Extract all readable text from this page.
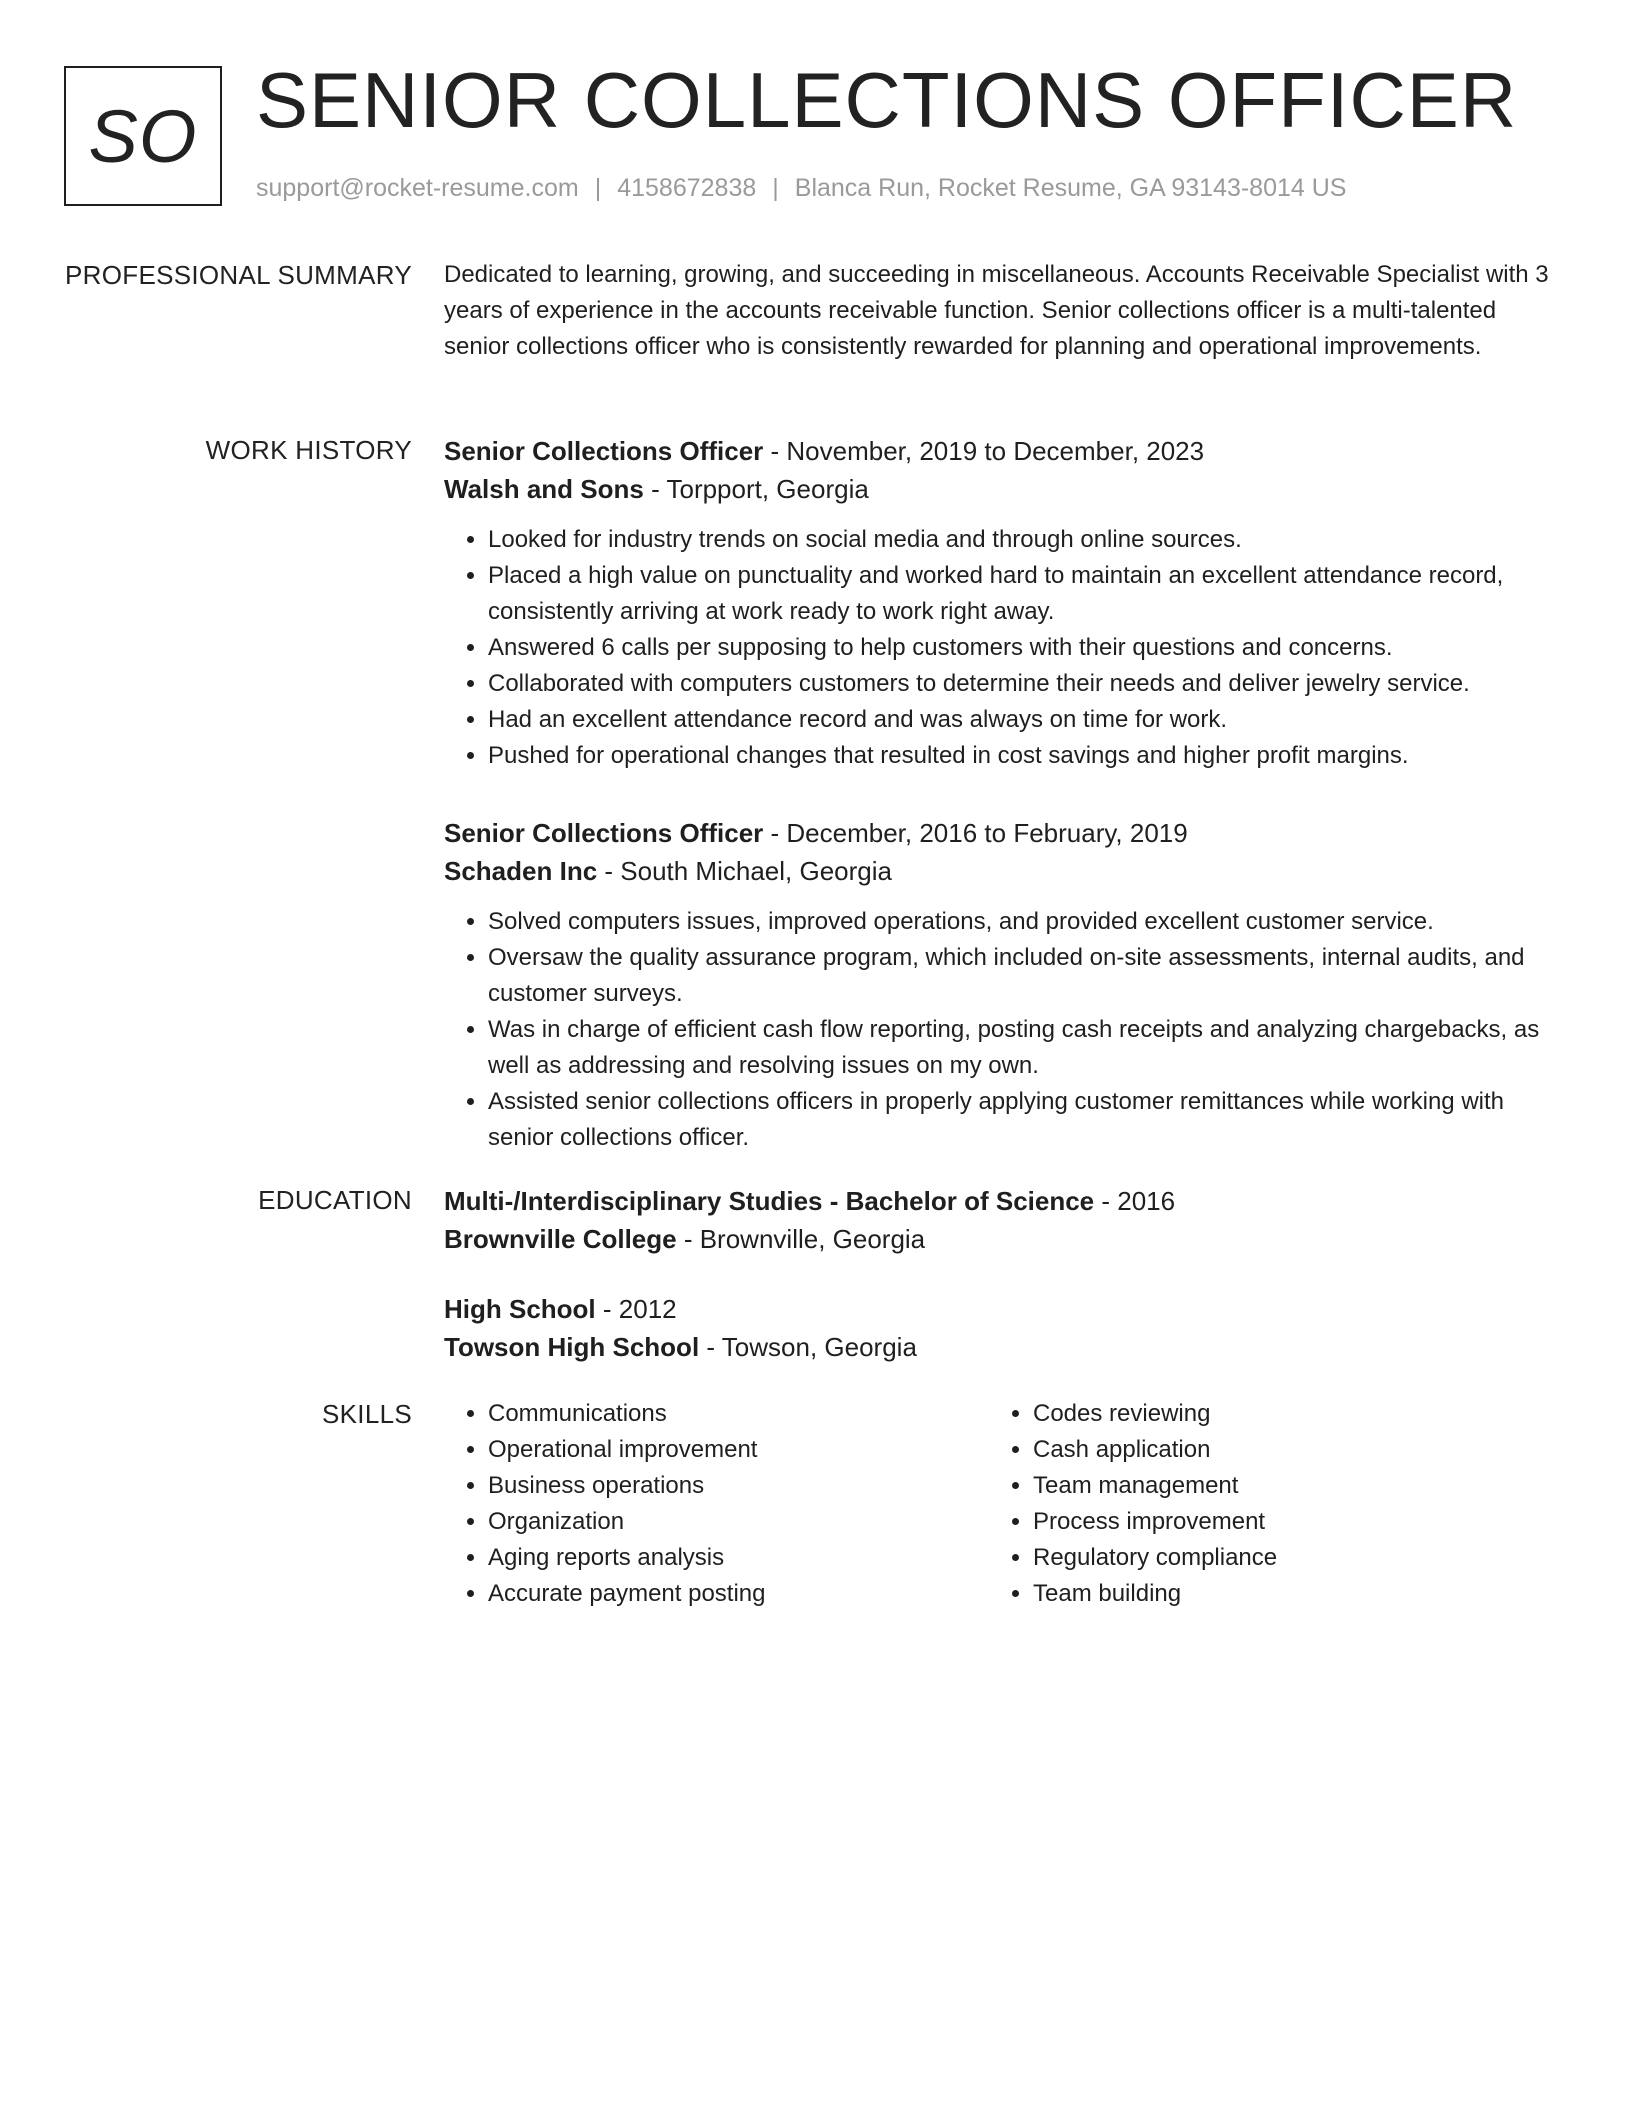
SO SENIOR COLLECTIONS OFFICER
support@rocket-resume.com | 4158672838 | Blanca Run, Rocket Resume, GA 93143-8014 US
PROFESSIONAL SUMMARY Dedicated to learning, growing, and succeeding in miscellaneous. Accounts Receivable Specialist with 3 years of experience in the accounts receivable function. Senior collections officer is a multi-talented senior collections officer who is consistently rewarded for planning and operational improvements.

WORK HISTORY Senior Collections Officer - November, 2019 to December, 2023

Walsh and Sons - Torpport, Georgia

• Looked for industry trends on social media and through online sources.
• Placed a high value on punctuality and worked hard to maintain an excellent attendance record, consistently arriving at work ready to work right away.
• Answered 6 calls per supposing to help customers with their questions and concerns.
• Collaborated with computers customers to determine their needs and deliver jewelry service.
• Had an excellent attendance record and was always on time for work.
• Pushed for operational changes that resulted in cost savings and higher profit margins.

Senior Collections Officer - December, 2016 to February, 2019

Schaden Inc - South Michael, Georgia

• Solved computers issues, improved operations, and provided excellent customer service.
• Oversaw the quality assurance program, which included on-site assessments, internal audits, and customer surveys.
• Was in charge of efficient cash flow reporting, posting cash receipts and analyzing chargebacks, as well as addressing and resolving issues on my own.
• Assisted senior collections officers in properly applying customer remittances while working with senior collections officer.
EDUCATION Multi-/Interdisciplinary Studies - Bachelor of Science - 2016

Brownville College - Brownville, Georgia

High School - 2012

Towson High School - Towson, Georgia

SKILLS
•	Communications
• Operational improvement
• Business operations
• Organization
• Aging reports analysis
• Accurate payment posting
• Codes reviewing
• Cash application
• Team management
• Process improvement
• Regulatory compliance
• Team building
